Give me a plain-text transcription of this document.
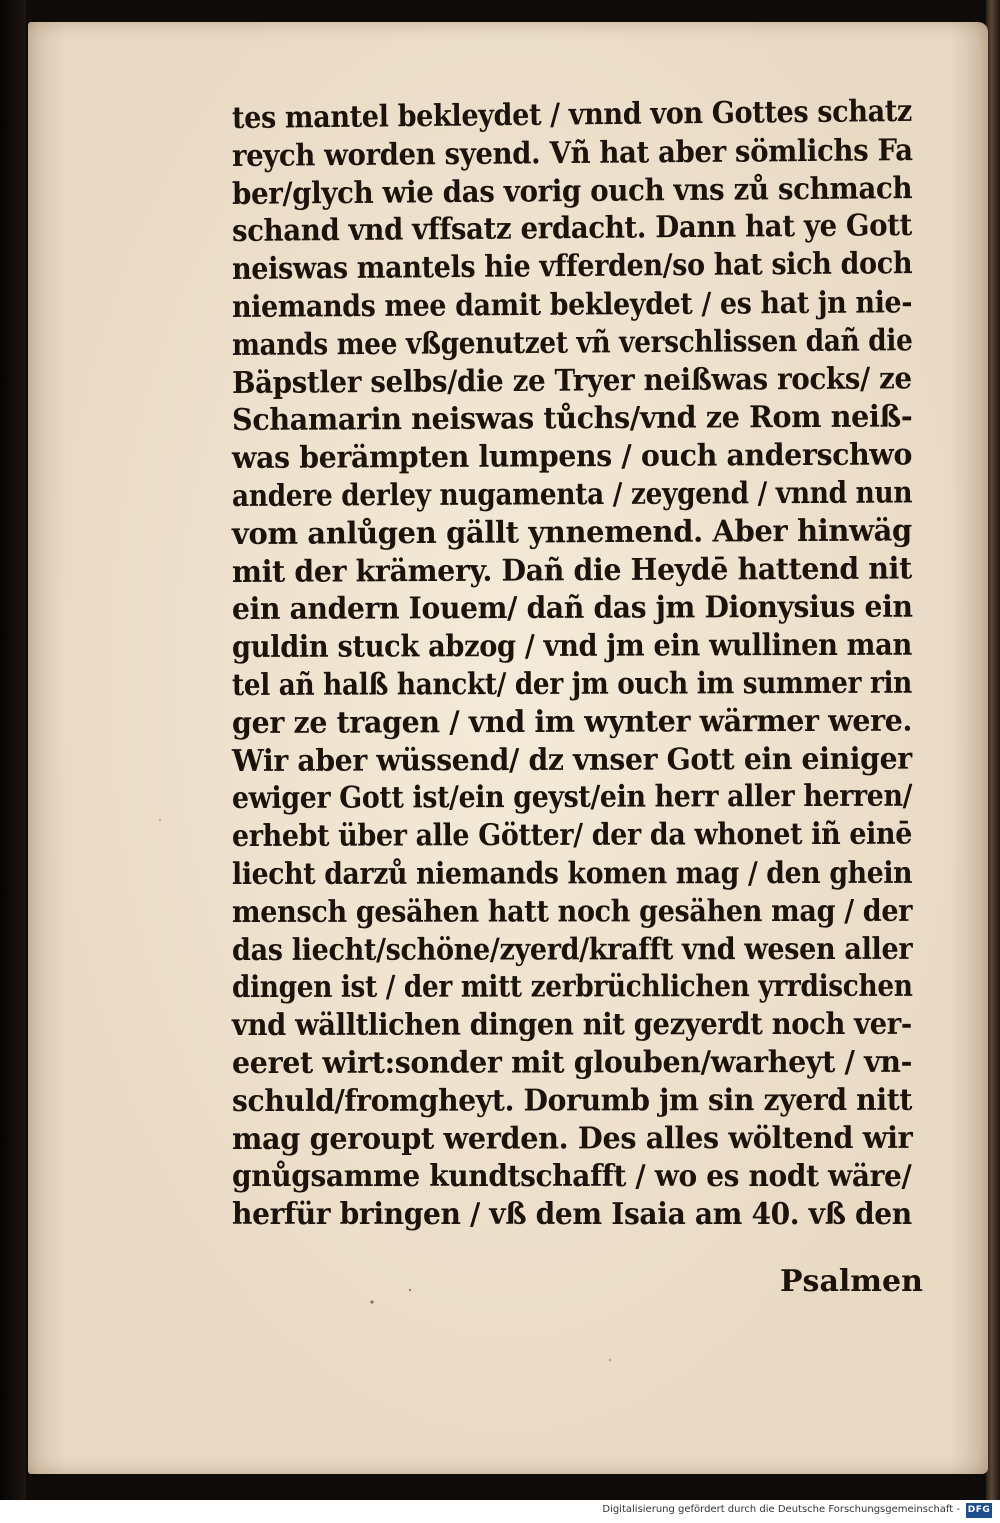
tes mantel bekleydet / vnnd von Gottes schatz
reych worden syend. Vñ hat aber sömlichs Fa
ber/glych wie das vorig ouch vns zů schmach
schand vnd vffsatz erdacht. Dann hat ye Gott
neiswas mantels hie vfferden/so hat sich doch
niemands mee damit bekleydet / es hat jn nie-
mands mee vßgenutzet vñ verschlissen dañ die
Bäpstler selbs/die ze Tryer neißwas rocks/ ze
Schamarin neiswas tůchs/vnd ze Rom neiß-
was berämpten lumpens / ouch anderschwo
andere derley nugamenta / zeygend / vnnd nun
vom anlůgen gällt ynnemend. Aber hinwäg
mit der krämery. Dañ die Heydē hattend nit
ein andern Iouem/ dañ das jm Dionysius ein
guldin stuck abzog / vnd jm ein wullinen man
tel añ halß hanckt/ der jm ouch im summer rin
ger ze tragen / vnd im wynter wärmer were.
Wir aber wüssend/ dz vnser Gott ein einiger
ewiger Gott ist/ein geyst/ein herr aller herren/
erhebt über alle Götter/ der da whonet iñ einē
liecht darzů niemands komen mag / den ghein
mensch gesähen hatt noch gesähen mag / der
das liecht/schöne/zyerd/krafft vnd wesen aller
dingen ist / der mitt zerbrüchlichen yrrdischen
vnd wälltlichen dingen nit gezyerdt noch ver-
eeret wirt:sonder mit glouben/warheyt / vn-
schuld/fromgheyt. Dorumb jm sin zyerd nitt
mag geroupt werden. Des alles wöltend wir
gnůgsamme kundtschafft / wo es nodt wäre/
herfür bringen / vß dem Isaia am 40. vß den
Psalmen
Digitalisierung gefördert durch die Deutsche Forschungsgemeinschaft - DFG
